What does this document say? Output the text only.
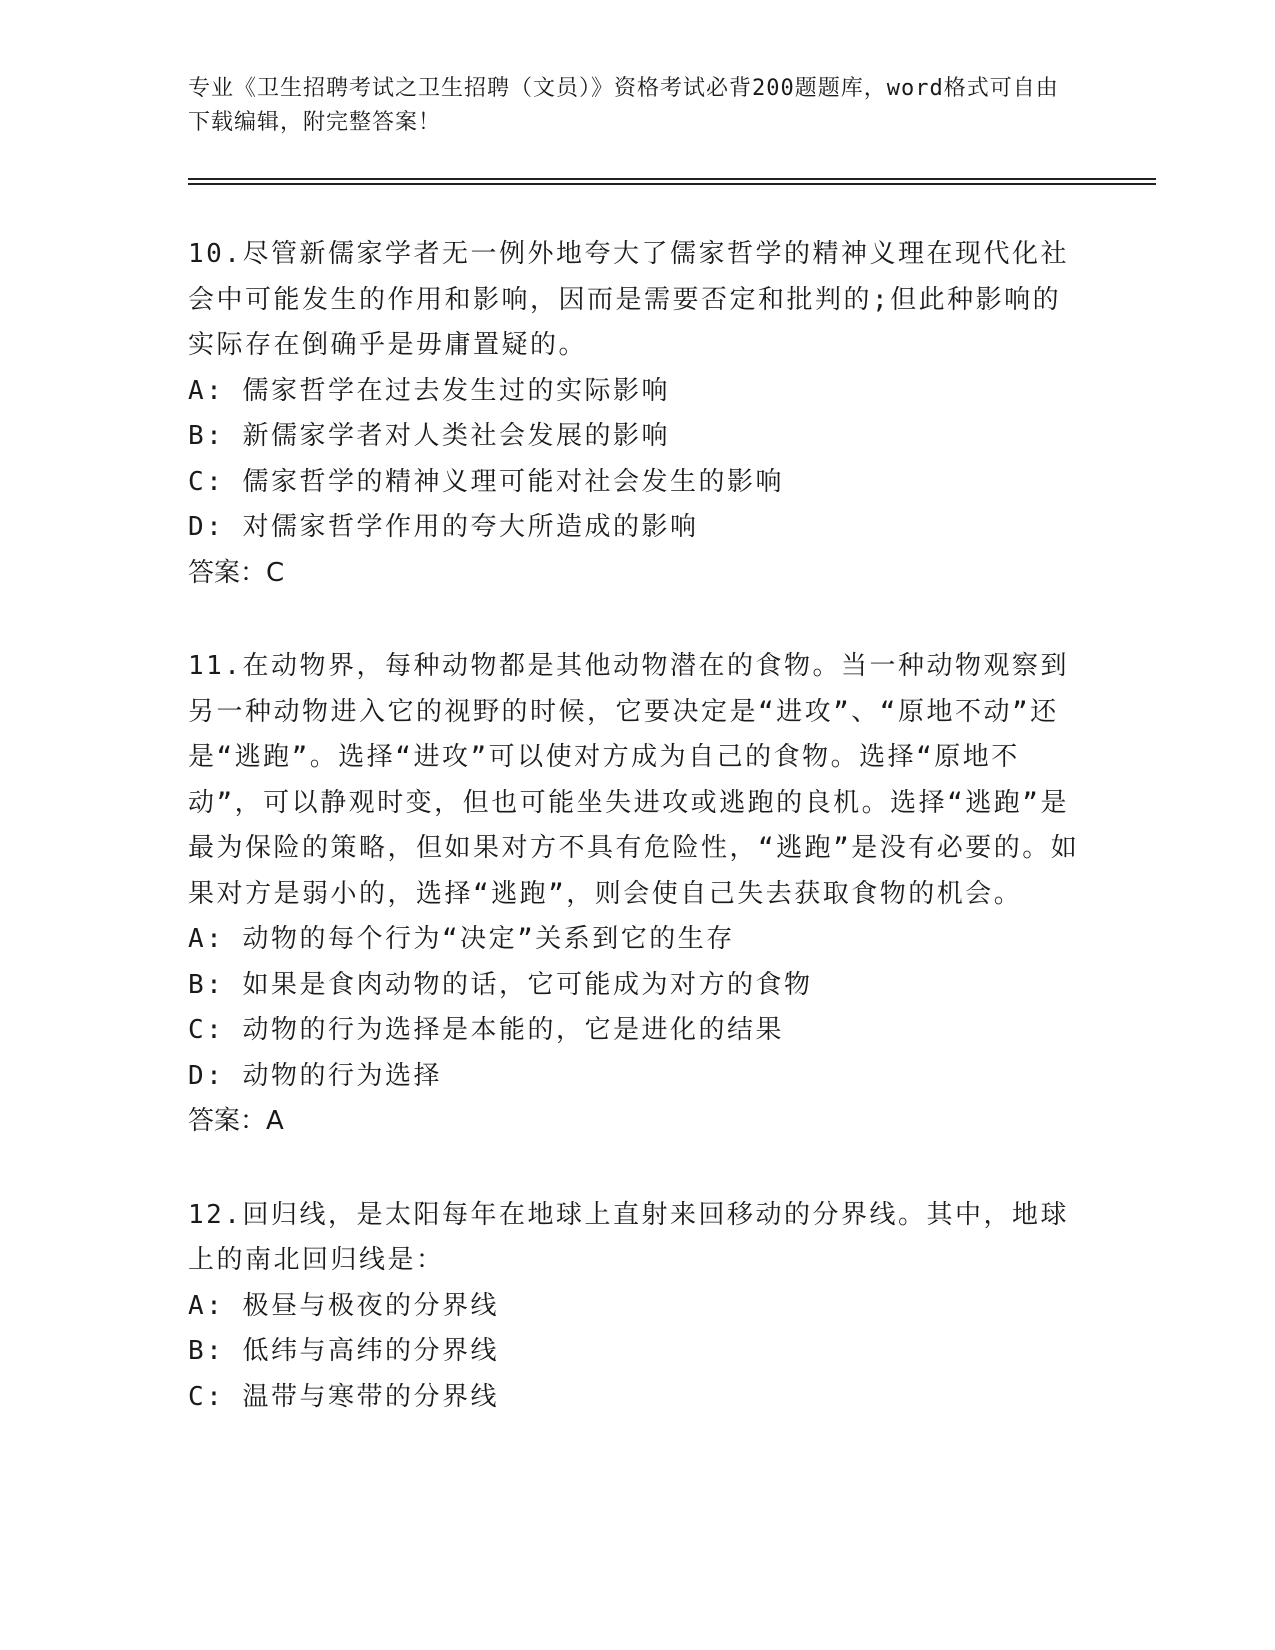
专业《卫生招聘考试之卫生招聘（文员）》资格考试必背200题题库，word格式可自由下载编辑，附完整答案！

10.尽管新儒家学者无一例外地夸大了儒家哲学的精神义理在现代化社会中可能发生的作用和影响，因而是需要否定和批判的;但此种影响的实际存在倒确乎是毋庸置疑的。

A: 儒家哲学在过去发生过的实际影响

B: 新儒家学者对人类社会发展的影响

C: 儒家哲学的精神义理可能对社会发生的影响

D: 对儒家哲学作用的夸大所造成的影响

答案：C

11.在动物界，每种动物都是其他动物潜在的食物。当一种动物观察到另一种动物进入它的视野的时候，它要决定是“进攻”、“原地不动”还是“逃跑”。选择“进攻”可以使对方成为自己的食物。选择“原地不动”，可以静观时变，但也可能坐失进攻或逃跑的良机。选择“逃跑”是最为保险的策略，但如果对方不具有危险性，“逃跑”是没有必要的。如果对方是弱小的，选择“逃跑”，则会使自己失去获取食物的机会。

A: 动物的每个行为“决定”关系到它的生存

B: 如果是食肉动物的话，它可能成为对方的食物

C: 动物的行为选择是本能的，它是进化的结果

D: 动物的行为选择

答案：A

12.回归线，是太阳每年在地球上直射来回移动的分界线。其中，地球上的南北回归线是：

A: 极昼与极夜的分界线

B: 低纬与高纬的分界线

C: 温带与寒带的分界线
